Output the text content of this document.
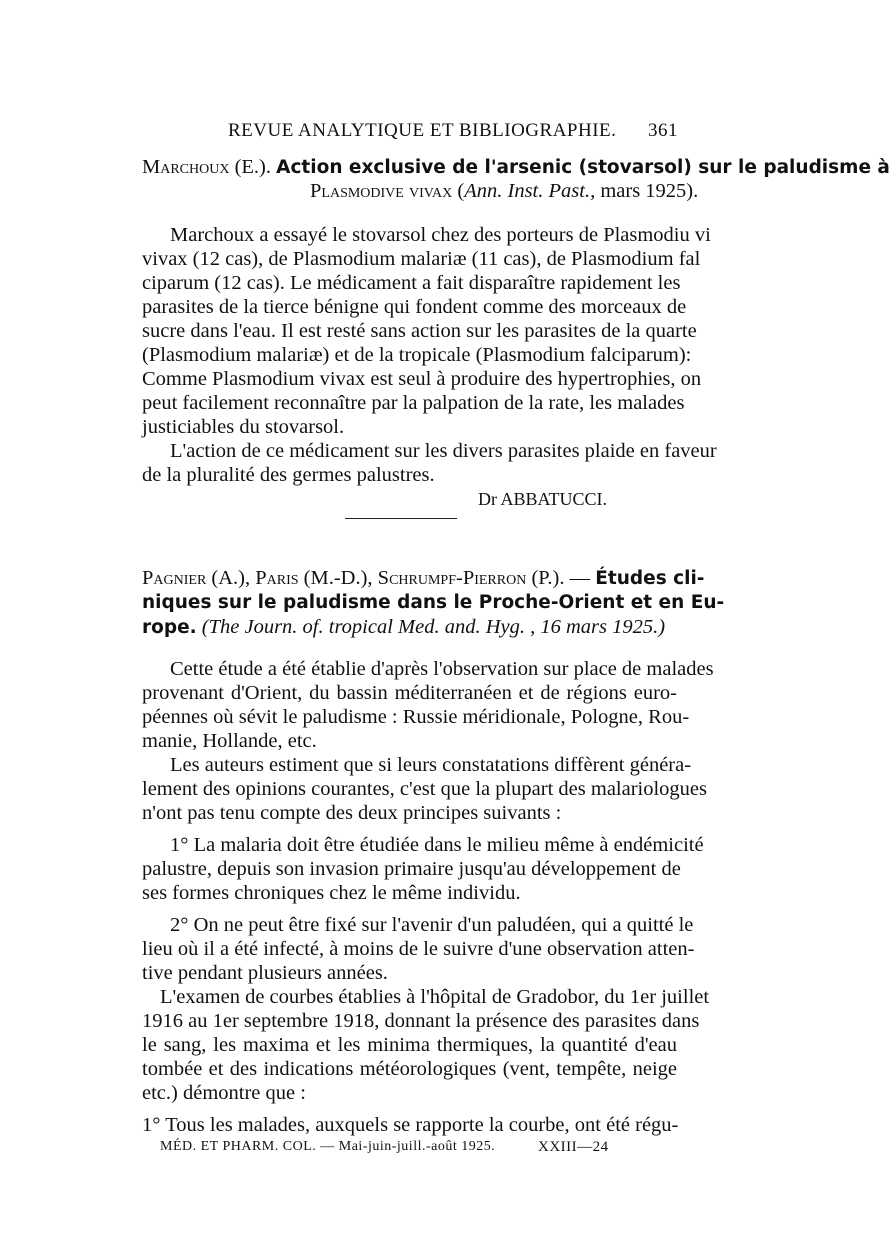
REVUE ANALYTIQUE ET BIBLIOGRAPHIE. 361
Marchoux (E.). Action exclusive de l'arsenic (stovarsol) sur le paludisme à
Plasmodive vivax (Ann. Inst. Past., mars 1925).
Marchoux a essayé le stovarsol chez des porteurs de Plasmodiu vi
vivax (12 cas), de Plasmodium malariæ (11 cas), de Plasmodium fal
ciparum (12 cas). Le médicament a fait disparaître rapidement les
parasites de la tierce bénigne qui fondent comme des morceaux de
sucre dans l'eau. Il est resté sans action sur les parasites de la quarte
(Plasmodium malariæ) et de la tropicale (Plasmodium falciparum):
Comme Plasmodium vivax est seul à produire des hypertrophies, on
peut facilement reconnaître par la palpation de la rate, les malades
justiciables du stovarsol.
L'action de ce médicament sur les divers parasites plaide en faveur
de la pluralité des germes palustres.
Dr ABBATUCCI.
Pagnier (A.), Paris (M.-D.), Schrumpf-Pierron (P.). — Études cli-
niques sur le paludisme dans le Proche-Orient et en Eu-
rope. (The Journ. of. tropical Med. and. Hyg. , 16 mars 1925.)
Cette étude a été établie d'après l'observation sur place de malades
provenant d'Orient, du bassin méditerranéen et de régions euro-
péennes où sévit le paludisme : Russie méridionale, Pologne, Rou-
manie, Hollande, etc.
Les auteurs estiment que si leurs constatations diffèrent généra-
lement des opinions courantes, c'est que la plupart des malariologues
n'ont pas tenu compte des deux principes suivants :
1° La malaria doit être étudiée dans le milieu même à endémicité
palustre, depuis son invasion primaire jusqu'au développement de
ses formes chroniques chez le même individu.
2° On ne peut être fixé sur l'avenir d'un paludéen, qui a quitté le
lieu où il a été infecté, à moins de le suivre d'une observation atten-
tive pendant plusieurs années.
L'examen de courbes établies à l'hôpital de Gradobor, du 1er juillet
1916 au 1er septembre 1918, donnant la présence des parasites dans
le sang, les maxima et les minima thermiques, la quantité d'eau
tombée et des indications météorologiques (vent, tempête, neige
etc.) démontre que :
1° Tous les malades, auxquels se rapporte la courbe, ont été régu-
MÉD. ET PHARM. COL. — Mai-juin-juill.-août 1925.	XXIII—24
